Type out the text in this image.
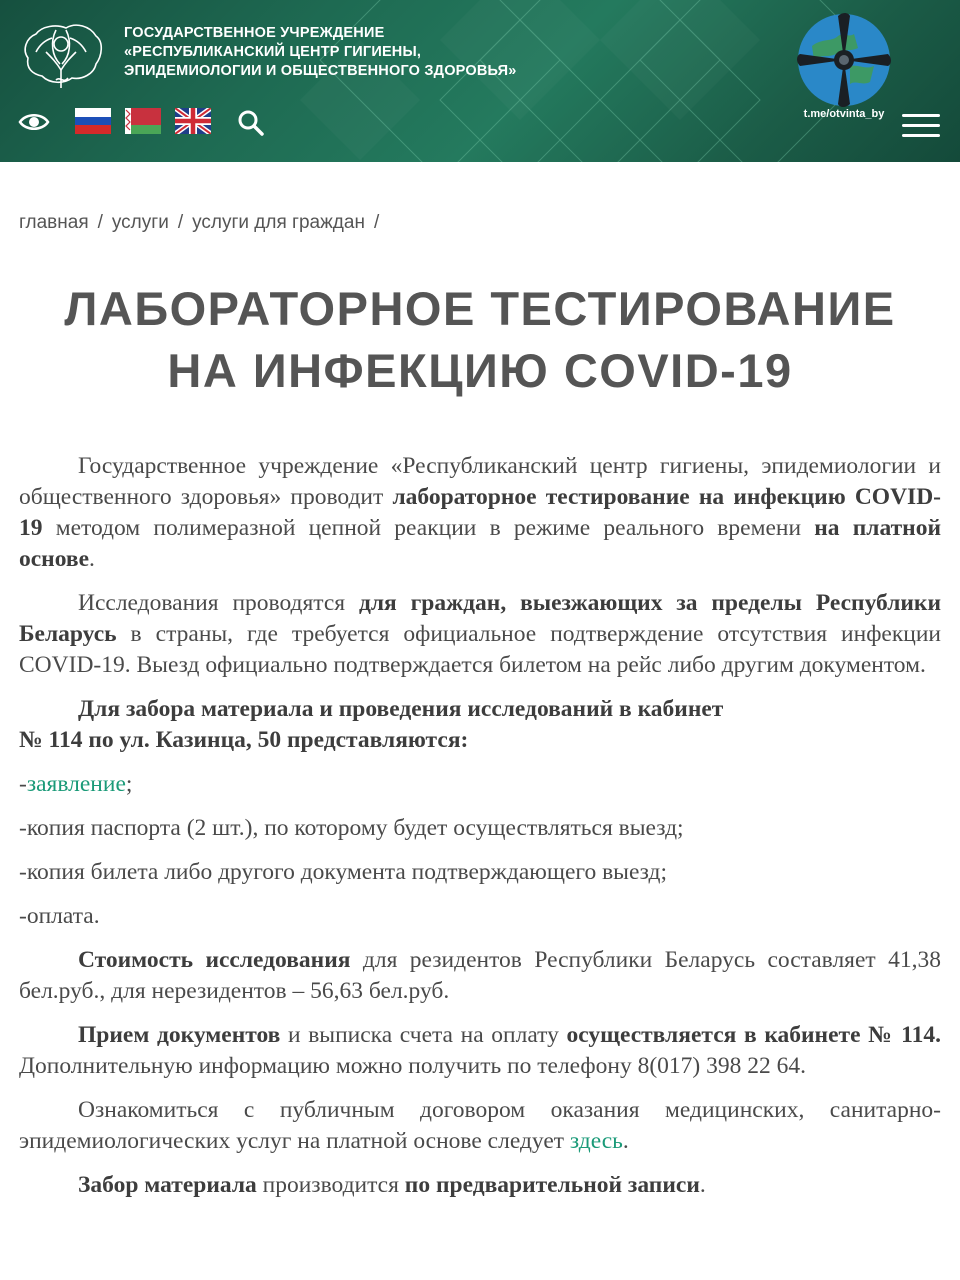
ГОСУДАРСТВЕННОЕ УЧРЕЖДЕНИЕ
«РЕСПУБЛИКАНСКИЙ ЦЕНТР ГИГИЕНЫ,
ЭПИДЕМИОЛОГИИ И ОБЩЕСТВЕННОГО ЗДОРОВЬЯ»
t.me/otvinta_by
главная / услуги / услуги для граждан /
ЛАБОРАТОРНОЕ ТЕСТИРОВАНИЕ
НА ИНФЕКЦИЮ COVID-19

Государственное учреждение «Республиканский центр гигиены, эпидемиологии и общественного здоровья» проводит лабораторное тестирование на инфекцию COVID-19 методом полимеразной цепной реакции в режиме реального времени на платной основе.

Исследования проводятся для граждан, выезжающих за пределы Республики Беларусь в страны, где требуется официальное подтверждение отсутствия инфекции COVID-19. Выезд официально подтверждается билетом на рейс либо другим документом.

Для забора материала и проведения исследований в кабинет
№ 114 по ул. Казинца, 50 представляются:

-заявление;

-копия паспорта (2 шт.), по которому будет осуществляться выезд;

-копия билета либо другого документа подтверждающего выезд;

-оплата.

Стоимость исследования для резидентов Республики Беларусь составляет 41,38 бел.руб., для нерезидентов – 56,63 бел.руб.

Прием документов и выписка счета на оплату осуществляется в кабинете № 114. Дополнительную информацию можно получить по телефону 8(017) 398 22 64.

Ознакомиться с публичным договором оказания медицинских, санитарно-эпидемиологических услуг на платной основе следует здесь.

Забор материала производится по предварительной записи.
